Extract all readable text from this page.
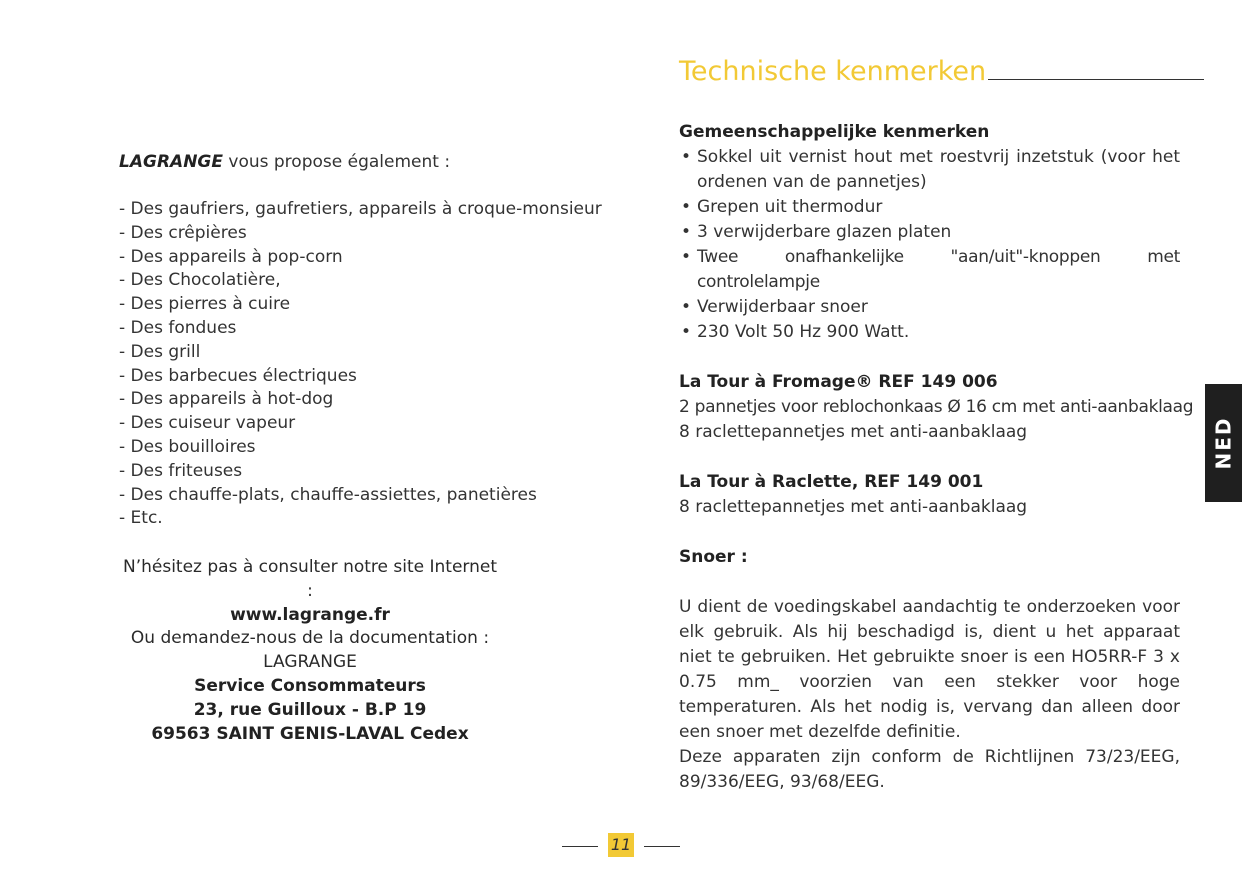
LAGRANGE vous propose également :

- Des gaufriers, gaufretiers, appareils à croque-monsieur
- Des crêpières
- Des appareils à pop-corn
- Des Chocolatière,
- Des pierres à cuire
- Des fondues
- Des grill
- Des barbecues électriques
- Des appareils à hot-dog
- Des cuiseur vapeur
- Des bouilloires
- Des friteuses
- Des chauffe-plats, chauffe-assiettes, panetières
- Etc.
N’hésitez pas à consulter notre site Internet :
www.lagrange.fr
Ou demandez-nous de la documentation :
LAGRANGE
Service Consommateurs
23, rue Guilloux - B.P 19
69563 SAINT GENIS-LAVAL Cedex
Technische kenmerken
Gemeenschappelijke kenmerken
• Sokkel uit vernist hout met roestvrij inzetstuk (voor het ordenen van de pannetjes)
• Grepen uit thermodur
• 3 verwijderbare glazen platen
• Twee onafhankelijke "aan/uit"-knoppen met controlelampje
• Verwijderbaar snoer
• 230 Volt 50 Hz 900 Watt.
La Tour à Fromage® REF 149 006
2 pannetjes voor reblochonkaas Ø 16 cm met anti-aanbaklaag
8 raclettepannetjes met anti-aanbaklaag
La Tour à Raclette, REF 149 001
8 raclettepannetjes met anti-aanbaklaag
Snoer :
U dient de voedingskabel aandachtig te onderzoeken voor elk gebruik. Als hij beschadigd is, dient u het apparaat niet te gebruiken. Het gebruikte snoer is een HO5RR-F 3 x 0.75 mm_ voorzien van een stekker voor hoge temperaturen. Als het nodig is, vervang dan alleen door een snoer met dezelfde definitie.
Deze apparaten zijn conform de Richtlijnen 73/23/EEG, 89/336/EEG, 93/68/EEG.
NED
11
